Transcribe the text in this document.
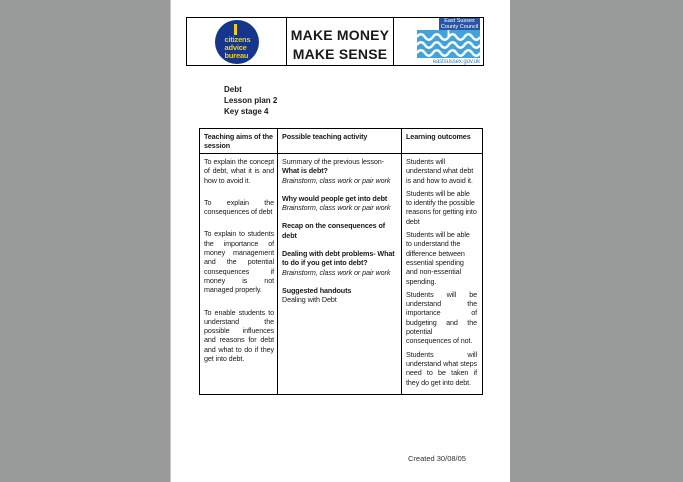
citizens
advice
bureau
MAKE MONEY
MAKE SENSE
East Sussex
County Council
eastsussex.gov.uk
Debt
Lesson plan 2
Key stage 4
Teaching aims of the session
Possible teaching activity	Learning outcomes

To explain the concept of debt, what it is and how to avoid it.

To explain the consequences of debt

To explain to students the importance of money management and the potential consequences if money is not managed properly.

To enable students to understand the possible influences and reasons for debt and what to do if they get into debt.

Summary of the previous lesson-
What is debt?
Brainstorm, class work or pair work
Why would people get into debt
Brainstorm, class work or pair work
Recap on the consequences of debt
Dealing with debt problems- What to do if you get into debt?
Brainstorm, class work or pair work
Suggested handouts
Dealing with Debt

Students will understand what debt is and how to avoid it.

Students will be able to identify the possible reasons for getting into debt

Students will be able to understand the difference between essential spending and non-essential spending.

Students will be understand the importance of budgeting and the potential consequences of not.

Students will understand what steps need to be taken if they do get into debt.

Created 30/08/05
